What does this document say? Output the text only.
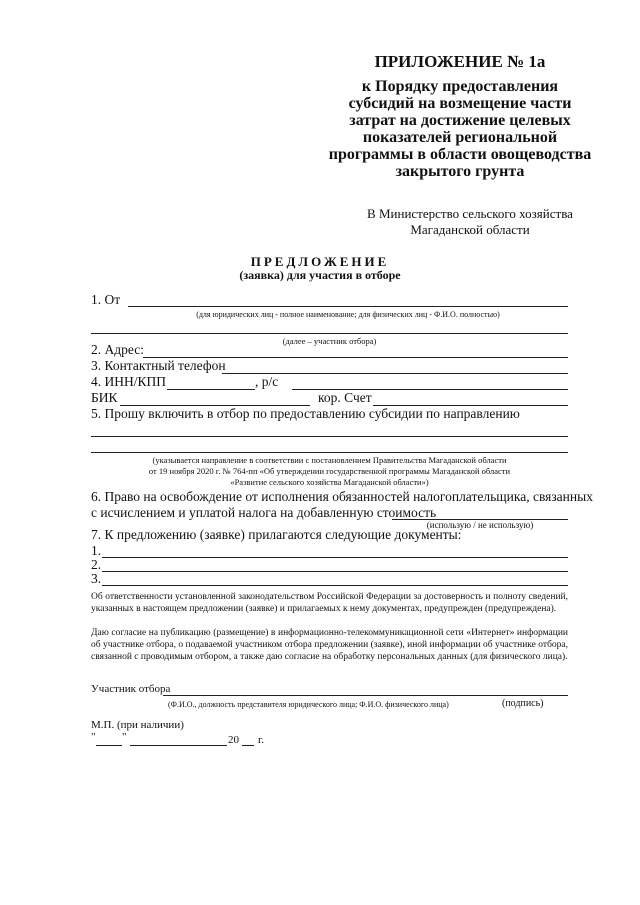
ПРИЛОЖЕНИЕ № 1а
к Порядку предоставления
субсидий на возмещение части
затрат на достижение целевых
показателей региональной
программы в области овощеводства
закрытого грунта
В Министерство сельского хозяйства
Магаданской области
ПРЕДЛОЖЕНИЕ
(заявка) для участия в отборе
1. От
(для юридических лиц - полное наименование; для физических лиц - Ф.И.О. полностью)
(далее – участник отбора)
2. Адрес:
3. Контактный телефон
4. ИНН/КПП	, р/с
БИК	кор. Счет
5. Прошу включить в отбор по предоставлению субсидии по направлению
(указывается направление в соответствии с постановлением Правительства Магаданской области
от 19 ноября 2020 г. № 764-пп «Об утверждении государственной программы Магаданской области
«Развитие сельского хозяйства Магаданской области»)
6. Право на освобождение от исполнения обязанностей налогоплательщика, связанных
с исчислением и уплатой налога на добавленную стоимость
(использую / не использую)
7. К предложению (заявке) прилагаются следующие документы:
1.
2.
3.
Об ответственности установленной законодательством Российской Федерации за достоверность и полноту сведений, указанных в настоящем предложении (заявке) и прилагаемых к нему документах, предупрежден (предупреждена).
Даю согласие на публикацию (размещение) в информационно-телекоммуникационной сети «Интернет» информации об участнике отбора, о подаваемой участником отбора предложении (заявке), иной информации об участнике отбора, связанной с проводимым отбором, а также даю согласие на обработку персональных данных (для физического лица).
Участник отбора
(Ф.И.О., должность представителя юридического лица; Ф.И.О. физического лица)	(подпись)
М.П. (при наличии)
" "	20 г.
